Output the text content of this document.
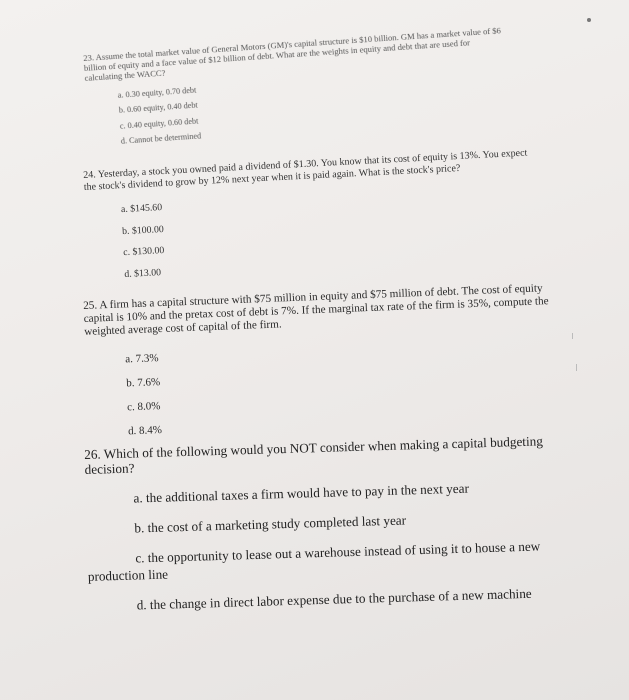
23. Assume the total market value of General Motors (GM)'s capital structure is $10 billion. GM has a market value of $6 billion of equity and a face value of $12 billion of debt. What are the weights in equity and debt that are used for calculating the WACC?

a. 0.30 equity, 0.70 debt

b. 0.60 equity, 0.40 debt

c. 0.40 equity, 0.60 debt

d. Cannot be determined

24. Yesterday, a stock you owned paid a dividend of $1.30. You know that its cost of equity is 13%. You expect the stock's dividend to grow by 12% next year when it is paid again. What is the stock's price?

a. $145.60

b. $100.00

c. $130.00

d. $13.00

25. A firm has a capital structure with $75 million in equity and $75 million of debt. The cost of equity capital is 10% and the pretax cost of debt is 7%. If the marginal tax rate of the firm is 35%, compute the weighted average cost of capital of the firm.

a. 7.3%

b. 7.6%

c. 8.0%

d. 8.4%

26. Which of the following would you NOT consider when making a capital budgeting decision?

a. the additional taxes a firm would have to pay in the next year

b. the cost of a marketing study completed last year

c. the opportunity to lease out a warehouse instead of using it to house a new
production line

d. the change in direct labor expense due to the purchase of a new machine
